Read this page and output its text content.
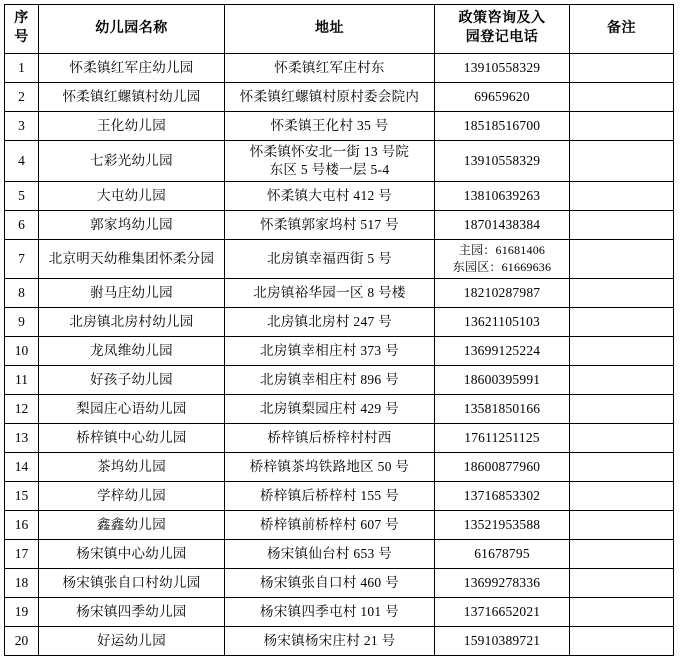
序
号	幼儿园名称	地址	政策咨询及入
园登记电话	备注
1	怀柔镇红军庄幼儿园	怀柔镇红军庄村东	13910558329	
2	怀柔镇红螺镇村幼儿园	怀柔镇红螺镇村原村委会院内	69659620	
3	王化幼儿园	怀柔镇王化村 35 号	18518516700	
4	七彩光幼儿园	怀柔镇怀安北一街 13 号院
东区 5 号楼一层 5-4	13910558329	
5	大屯幼儿园	怀柔镇大屯村 412 号	13810639263	
6	郭家坞幼儿园	怀柔镇郭家坞村 517 号	18701438384	
7	北京明天幼稚集团怀柔分园	北房镇幸福西街 5 号	主园：61681406
东园区：61669636	

8	驸马庄幼儿园	北房镇裕华园一区 8 号楼	18210287987	
9	北房镇北房村幼儿园	北房镇北房村 247 号	13621105103	
10	龙凤维幼儿园	北房镇幸相庄村 373 号	13699125224	
11	好孩子幼儿园	北房镇幸相庄村 896 号	18600395991	
12	梨园庄心语幼儿园	北房镇梨园庄村 429 号	13581850166	
13	桥梓镇中心幼儿园	桥梓镇后桥梓村村西	17611251125	
14	茶坞幼儿园	桥梓镇茶坞铁路地区 50 号	18600877960	
15	学梓幼儿园	桥梓镇后桥梓村 155 号	13716853302	
16	鑫鑫幼儿园	桥梓镇前桥梓村 607 号	13521953588	
17	杨宋镇中心幼儿园	杨宋镇仙台村 653 号	61678795	
18	杨宋镇张自口村幼儿园	杨宋镇张自口村 460 号	13699278336	
19	杨宋镇四季幼儿园	杨宋镇四季屯村 101 号	13716652021	
20	好运幼儿园	杨宋镇杨宋庄村 21 号	15910389721	
